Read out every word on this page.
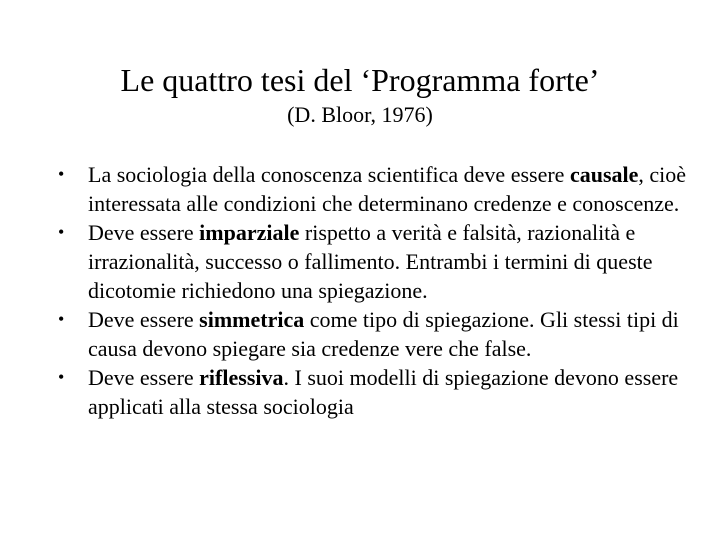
Le quattro tesi del ‘Programma forte’
(D. Bloor, 1976)
• La sociologia della conoscenza scientifica deve essere causale, cioè interessata alle condizioni che determinano credenze e conoscenze.
• Deve essere imparziale rispetto a verità e falsità, razionalità e irrazionalità, successo o fallimento. Entrambi i termini di queste dicotomie richiedono una spiegazione.
• Deve essere simmetrica come tipo di spiegazione. Gli stessi tipi di causa devono spiegare sia credenze vere che false.
• Deve essere riflessiva. I suoi modelli di spiegazione devono essere applicati alla stessa sociologia
